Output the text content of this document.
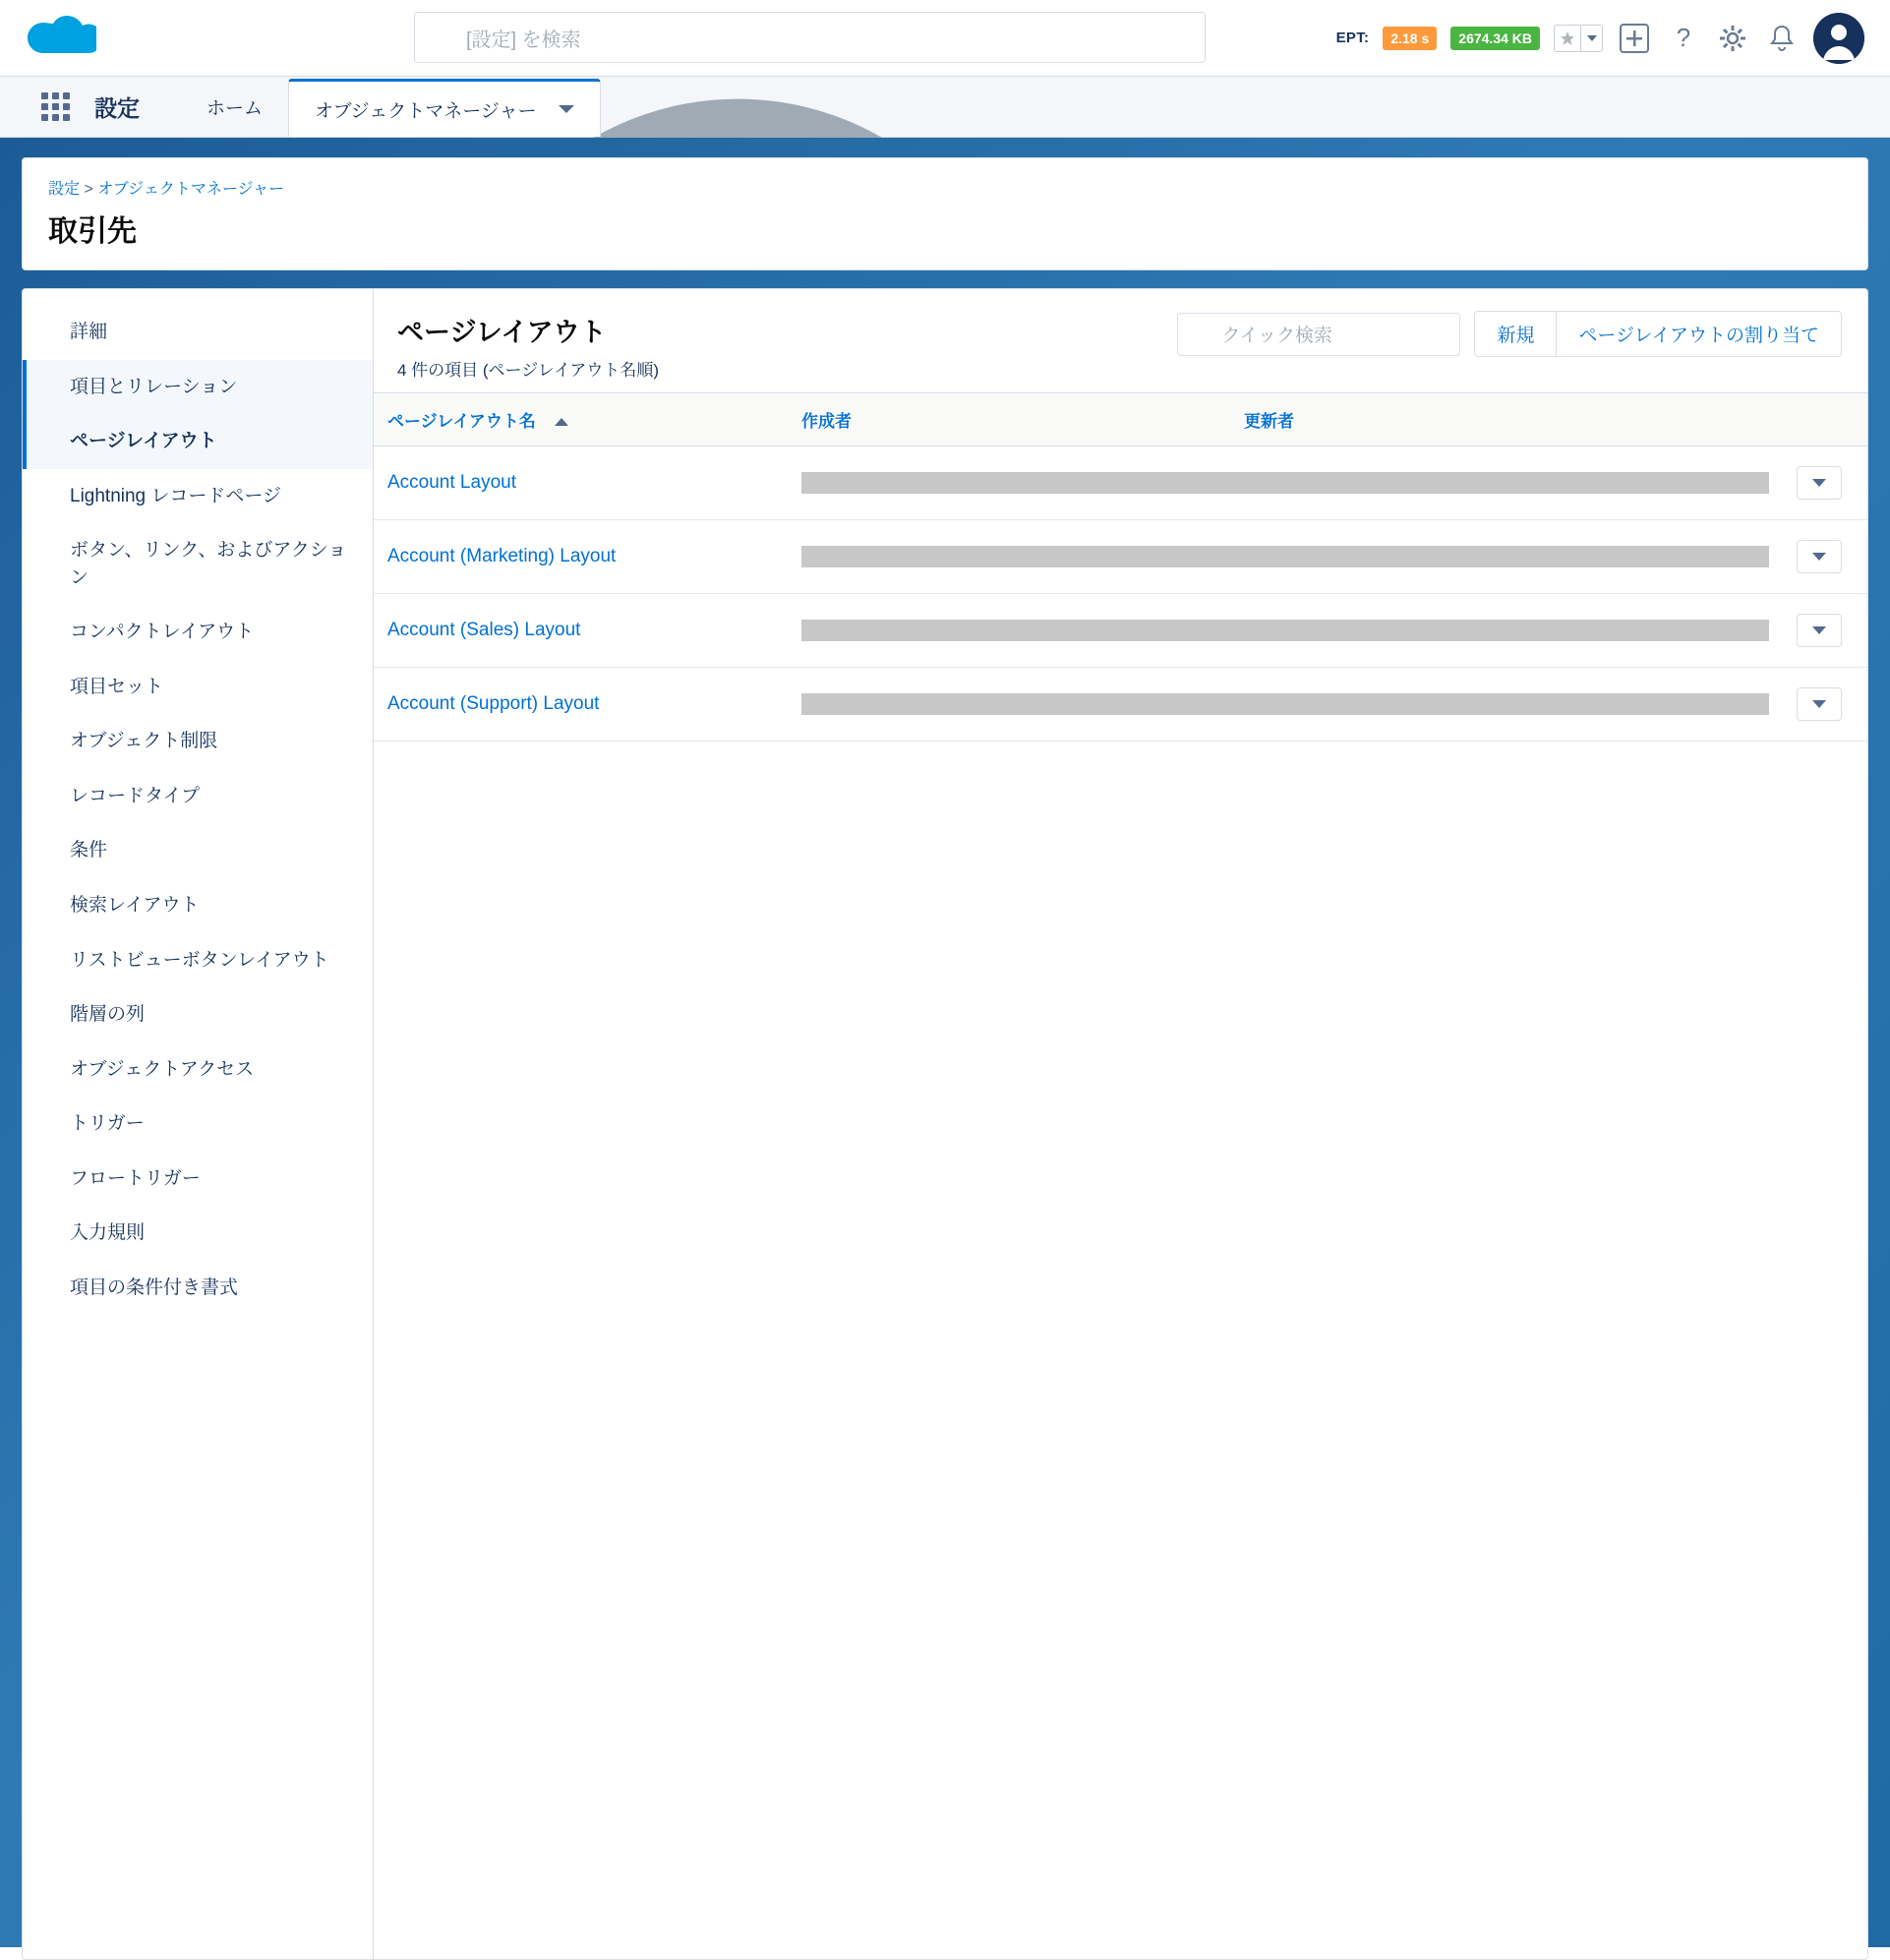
[設定] を検索	EPT:	2.18 s	2674.34 KB	?
設定	ホーム	オブジェクトマネージャー
設定 > オブジェクトマネージャー
取引先
詳細
項目とリレーション
ページレイアウト
Lightning レコードページ
ボタン、リンク、およびアクション
コンパクトレイアウト
項目セット
オブジェクト制限
レコードタイプ
条件
検索レイアウト
リストビューボタンレイアウト
階層の列
オブジェクトアクセス
トリガー
フロートリガー
入力規則
項目の条件付き書式
ページレイアウト
4 件の項目 (ページレイアウト名順)
クイック検索	新規	ページレイアウトの割り当て
ページレイアウト名	作成者	更新者	
Account Layout		

Account (Marketing) Layout		

Account (Sales) Layout		

Account (Support) Layout		
